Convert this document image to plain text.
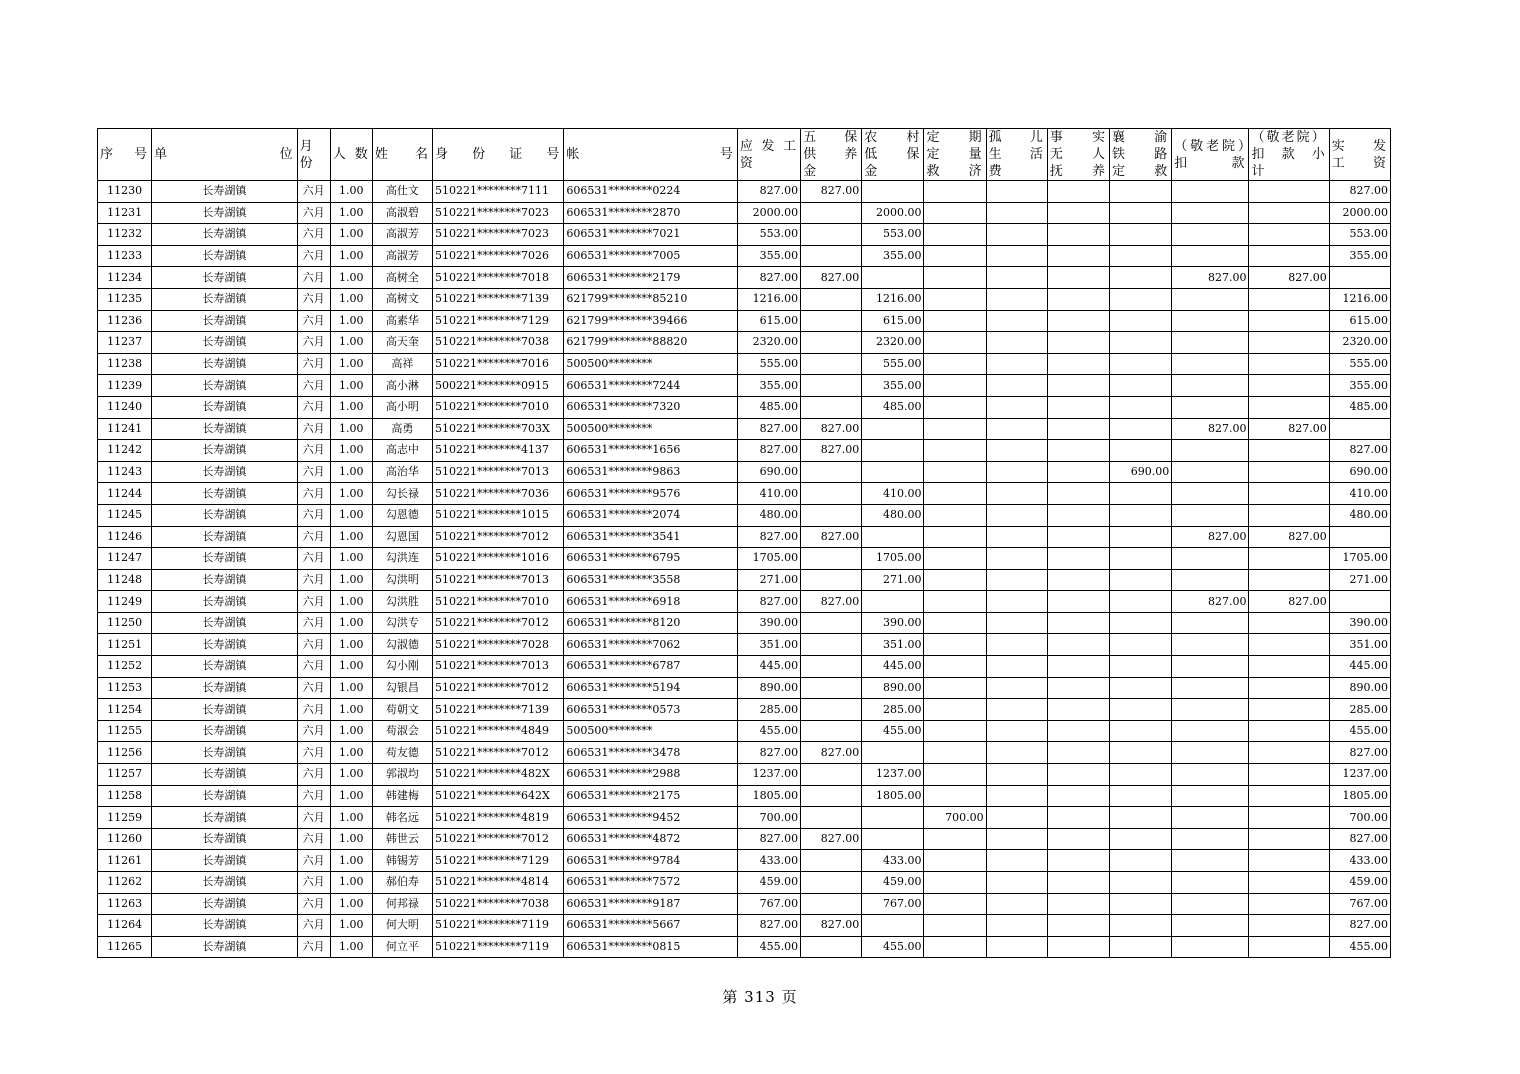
序　号	单　　　位	月份	人 数	姓　名	身　份　证　号	帐　　　　号	应 发 工 资	五 保 供 养 金	农 村 低 保 金	定 期 定 量 救 济	孤 儿 生 活 费	事 实 无 人 抚 养	襄 渝 铁 路 定 救	（敬老院）扣　款	（敬老院）扣 款 小 计	实 发 工 资
11230	长寿湖镇	六月	1.00	高仕文	510221********7111	606531********0224	827.00	827.00								827.00
11231	长寿湖镇	六月	1.00	高淑碧	510221********7023	606531********2870	2000.00		2000.00							2000.00
11232	长寿湖镇	六月	1.00	高淑芳	510221********7023	606531********7021	553.00		553.00							553.00
11233	长寿湖镇	六月	1.00	高淑芳	510221********7026	606531********7005	355.00		355.00							355.00
11234	长寿湖镇	六月	1.00	高树全	510221********7018	606531********2179	827.00	827.00						827.00	827.00	
11235	长寿湖镇	六月	1.00	高树文	510221********7139	621799********85210	1216.00		1216.00							1216.00
11236	长寿湖镇	六月	1.00	高素华	510221********7129	621799********39466	615.00		615.00							615.00
11237	长寿湖镇	六月	1.00	高天奎	510221********7038	621799********88820	2320.00		2320.00							2320.00
11238	长寿湖镇	六月	1.00	高祥	510221********7016	500500********	555.00		555.00							555.00
11239	长寿湖镇	六月	1.00	高小淋	500221********0915	606531********7244	355.00		355.00							355.00
11240	长寿湖镇	六月	1.00	高小明	510221********7010	606531********7320	485.00		485.00							485.00
11241	长寿湖镇	六月	1.00	高勇	510221********703X	500500********	827.00	827.00						827.00	827.00	
11242	长寿湖镇	六月	1.00	高志中	510221********4137	606531********1656	827.00	827.00								827.00
11243	长寿湖镇	六月	1.00	高治华	510221********7013	606531********9863	690.00						690.00			690.00
11244	长寿湖镇	六月	1.00	勾长禄	510221********7036	606531********9576	410.00		410.00							410.00
11245	长寿湖镇	六月	1.00	勾恩德	510221********1015	606531********2074	480.00		480.00							480.00
11246	长寿湖镇	六月	1.00	勾恩国	510221********7012	606531********3541	827.00	827.00						827.00	827.00	
11247	长寿湖镇	六月	1.00	勾洪连	510221********1016	606531********6795	1705.00		1705.00							1705.00
11248	长寿湖镇	六月	1.00	勾洪明	510221********7013	606531********3558	271.00		271.00							271.00
11249	长寿湖镇	六月	1.00	勾洪胜	510221********7010	606531********6918	827.00	827.00						827.00	827.00	
11250	长寿湖镇	六月	1.00	勾洪专	510221********7012	606531********8120	390.00		390.00							390.00
11251	长寿湖镇	六月	1.00	勾淑德	510221********7028	606531********7062	351.00		351.00							351.00
11252	长寿湖镇	六月	1.00	勾小刚	510221********7013	606531********6787	445.00		445.00							445.00
11253	长寿湖镇	六月	1.00	勾银昌	510221********7012	606531********5194	890.00		890.00							890.00
11254	长寿湖镇	六月	1.00	苟朝文	510221********7139	606531********0573	285.00		285.00							285.00
11255	长寿湖镇	六月	1.00	苟淑会	510221********4849	500500********	455.00		455.00							455.00
11256	长寿湖镇	六月	1.00	苟友德	510221********7012	606531********3478	827.00	827.00								827.00
11257	长寿湖镇	六月	1.00	郭淑均	510221********482X	606531********2988	1237.00		1237.00							1237.00
11258	长寿湖镇	六月	1.00	韩建梅	510221********642X	606531********2175	1805.00		1805.00							1805.00
11259	长寿湖镇	六月	1.00	韩名远	510221********4819	606531********9452	700.00			700.00						700.00
11260	长寿湖镇	六月	1.00	韩世云	510221********7012	606531********4872	827.00	827.00								827.00
11261	长寿湖镇	六月	1.00	韩锡芳	510221********7129	606531********9784	433.00		433.00							433.00
11262	长寿湖镇	六月	1.00	郝伯寿	510221********4814	606531********7572	459.00		459.00							459.00
11263	长寿湖镇	六月	1.00	何邦禄	510221********7038	606531********9187	767.00		767.00							767.00
11264	长寿湖镇	六月	1.00	何大明	510221********7119	606531********5667	827.00	827.00								827.00
11265	长寿湖镇	六月	1.00	何立平	510221********7119	606531********0815	455.00		455.00							455.00
第 313 页
